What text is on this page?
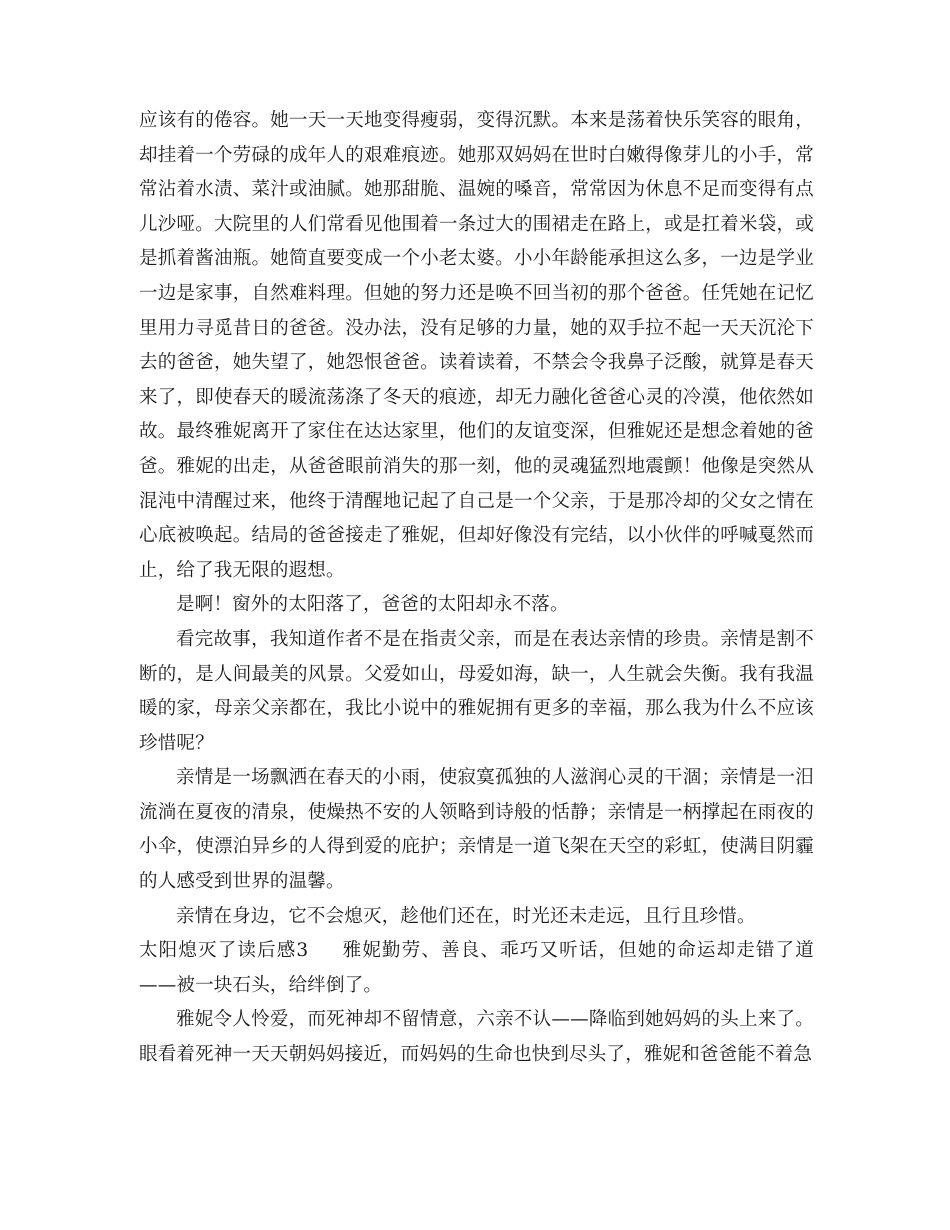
应该有的倦容。她一天一天地变得瘦弱，变得沉默。本来是荡着快乐笑容的眼角，却挂着一个劳碌的成年人的艰难痕迹。她那双妈妈在世时白嫩得像芽儿的小手，常常沾着水渍、菜汁或油腻。她那甜脆、温婉的嗓音，常常因为休息不足而变得有点儿沙哑。大院里的人们常看见他围着一条过大的围裙走在路上，或是扛着米袋，或是抓着酱油瓶。她简直要变成一个小老太婆。小小年龄能承担这么多，一边是学业一边是家事，自然难料理。但她的努力还是唤不回当初的那个爸爸。任凭她在记忆里用力寻觅昔日的爸爸。没办法，没有足够的力量，她的双手拉不起一天天沉沦下去的爸爸，她失望了，她怨恨爸爸。读着读着，不禁会令我鼻子泛酸，就算是春天来了，即使春天的暖流荡涤了冬天的痕迹，却无力融化爸爸心灵的冷漠，他依然如故。最终雅妮离开了家住在达达家里，他们的友谊变深，但雅妮还是想念着她的爸爸。雅妮的出走，从爸爸眼前消失的那一刻，他的灵魂猛烈地震颤！他像是突然从混沌中清醒过来，他终于清醒地记起了自己是一个父亲，于是那冷却的父女之情在心底被唤起。结局的爸爸接走了雅妮，但却好像没有完结，以小伙伴的呼喊戛然而止，给了我无限的遐想。

是啊！窗外的太阳落了，爸爸的太阳却永不落。

看完故事，我知道作者不是在指责父亲，而是在表达亲情的珍贵。亲情是割不断的，是人间最美的风景。父爱如山，母爱如海，缺一，人生就会失衡。我有我温暖的家，母亲父亲都在，我比小说中的雅妮拥有更多的幸福，那么我为什么不应该珍惜呢？

亲情是一场飘洒在春天的小雨，使寂寞孤独的人滋润心灵的干涸；亲情是一汨流淌在夏夜的清泉，使燥热不安的人领略到诗般的恬静；亲情是一柄撑起在雨夜的小伞，使漂泊异乡的人得到爱的庇护；亲情是一道飞架在天空的彩虹，使满目阴霾的人感受到世界的温馨。

亲情在身边，它不会熄灭，趁他们还在，时光还未走远，且行且珍惜。

太阳熄灭了读后感3 雅妮勤劳、善良、乖巧又听话，但她的命运却走错了道——被一块石头，给绊倒了。

雅妮令人怜爱，而死神却不留情意，六亲不认——降临到她妈妈的头上来了。眼看着死神一天天朝妈妈接近，而妈妈的生命也快到尽头了，雅妮和爸爸能不着急
